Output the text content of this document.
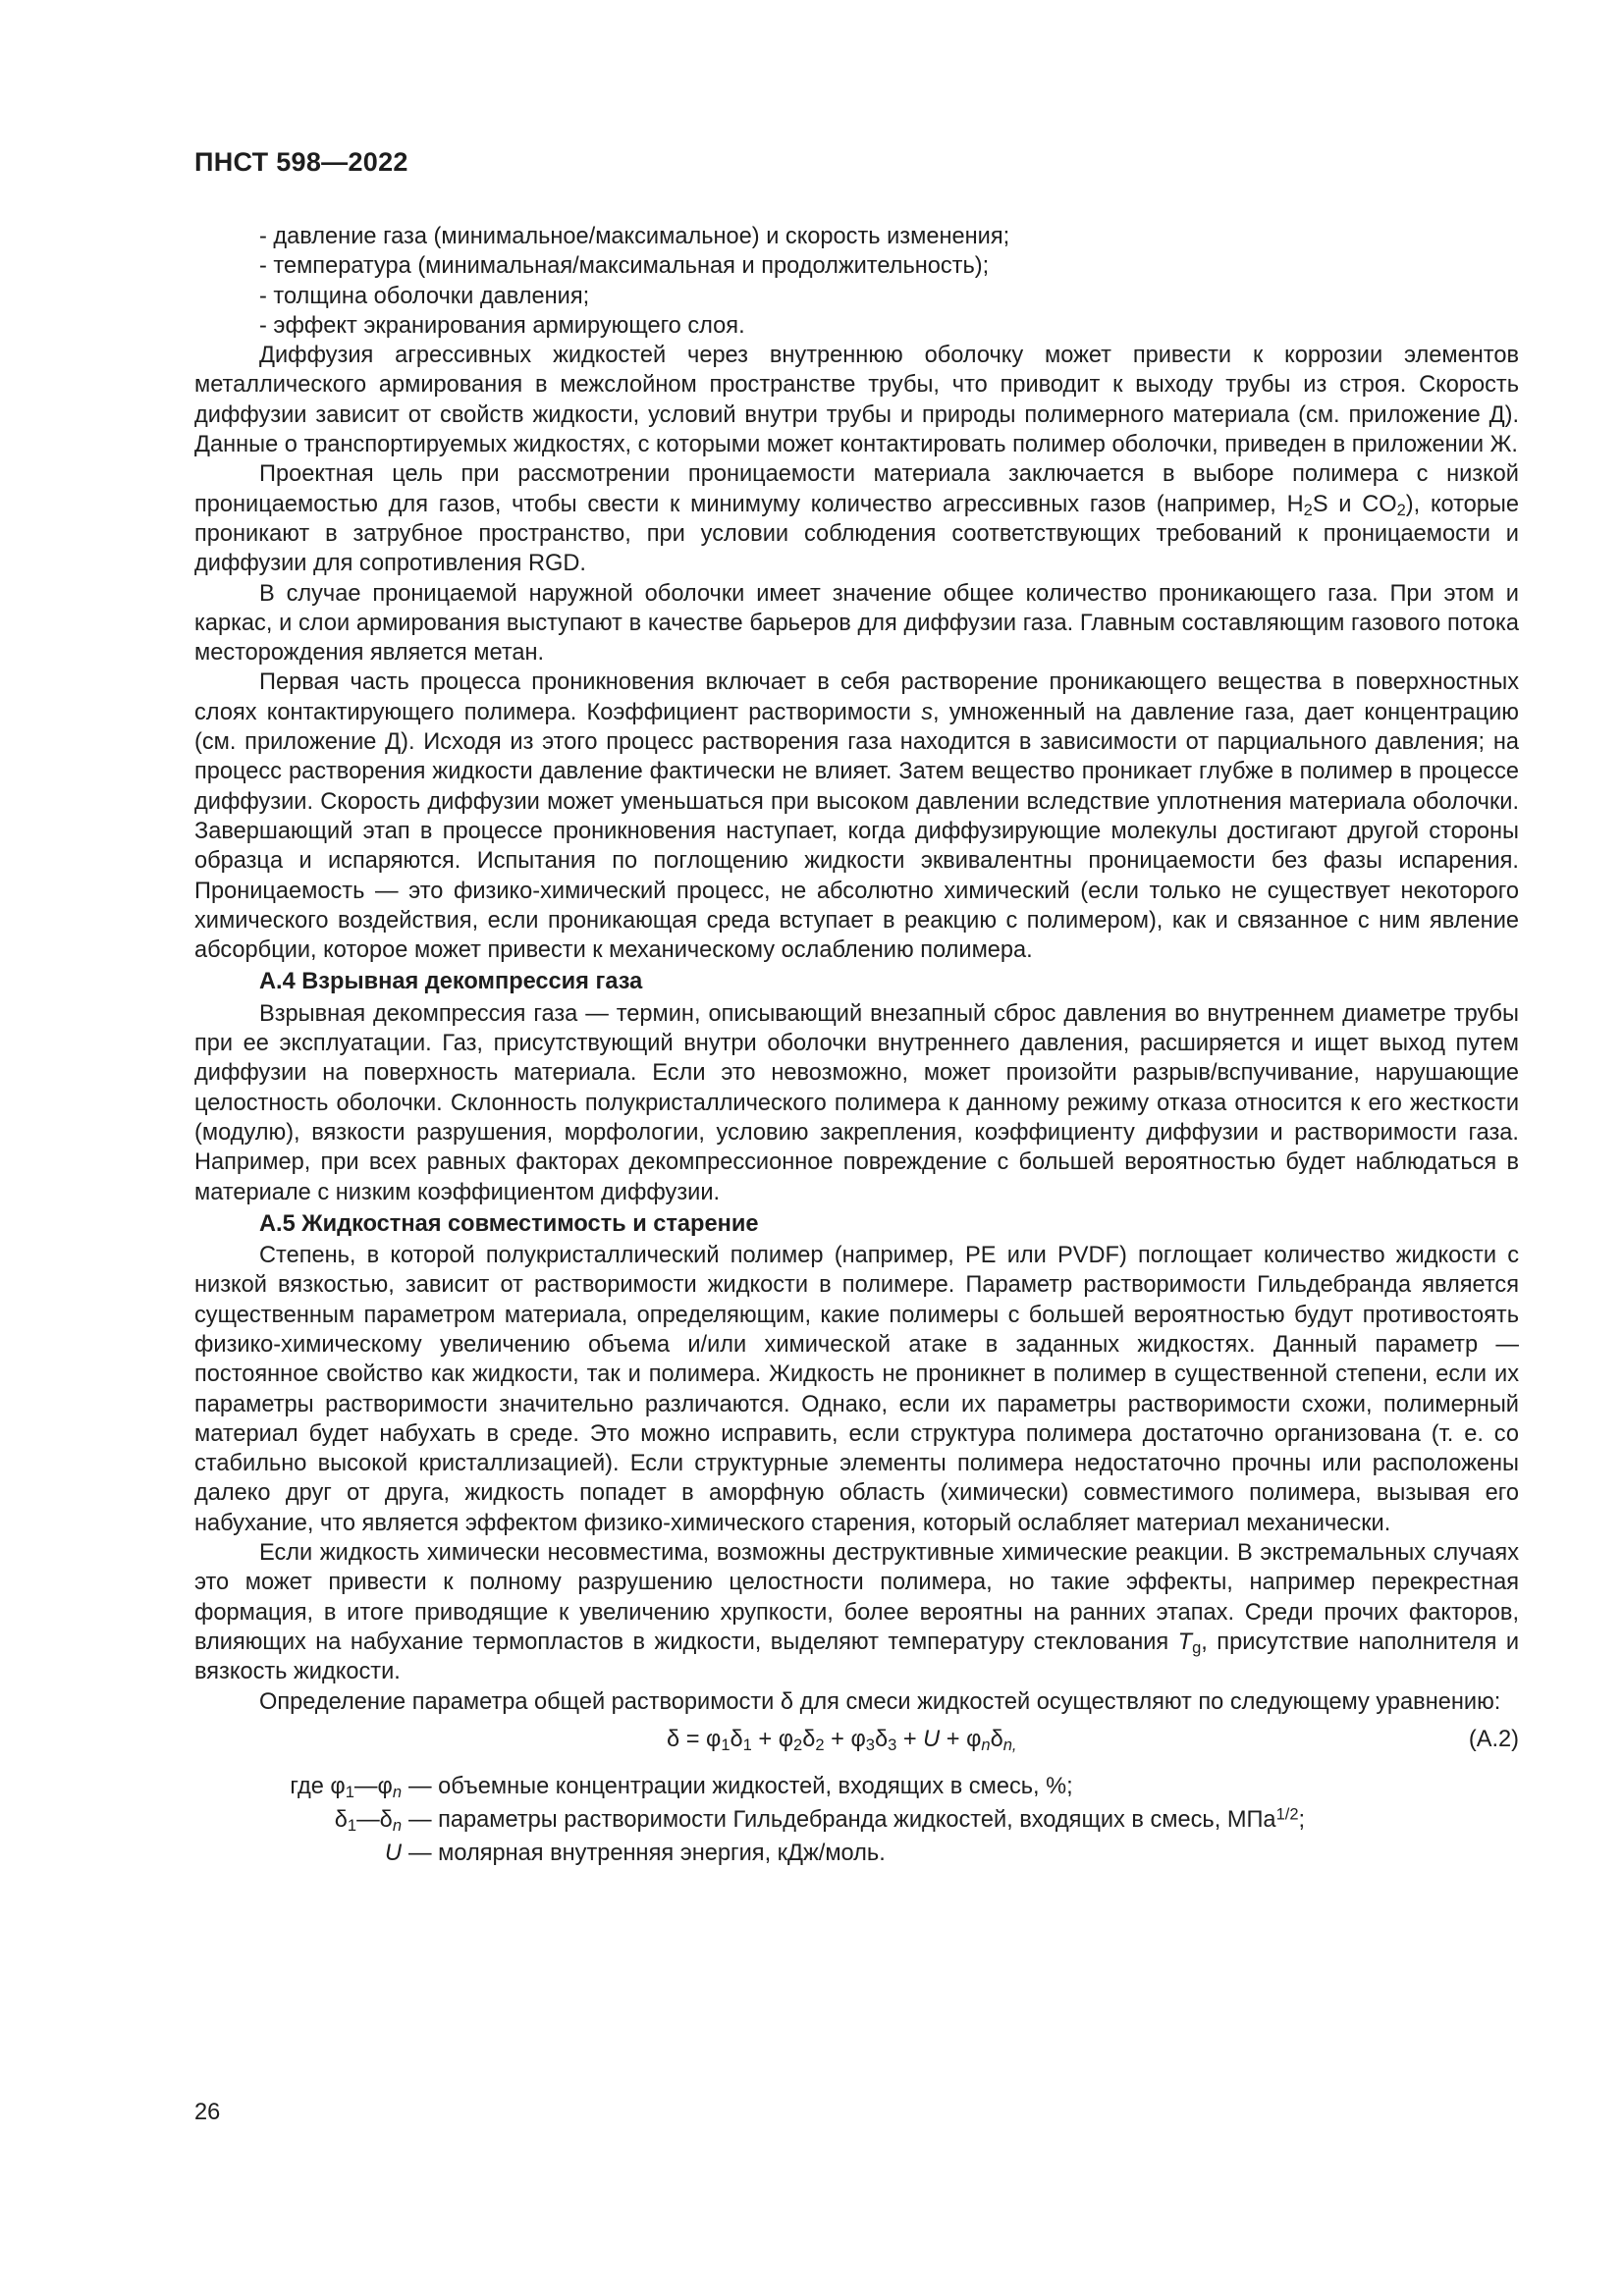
ПНСТ 598—2022
- давление газа (минимальное/максимальное) и скорость изменения;
- температура (минимальная/максимальная и продолжительность);
- толщина оболочки давления;
- эффект экранирования армирующего слоя.

Диффузия агрессивных жидкостей через внутреннюю оболочку может привести к коррозии элементов металлического армирования в межслойном пространстве трубы, что приводит к выходу трубы из строя. Скорость диффузии зависит от свойств жидкости, условий внутри трубы и природы полимерного материала (см. приложение Д). Данные о транспортируемых жидкостях, с которыми может контактировать полимер оболочки, приведен в приложении Ж.

Проектная цель при рассмотрении проницаемости материала заключается в выборе полимера с низкой проницаемостью для газов, чтобы свести к минимуму количество агрессивных газов (например, $H_2S$ и $CO_2$), которые проникают в затрубное пространство, при условии соблюдения соответствующих требований к проницаемости и диффузии для сопротивления RGD.

В случае проницаемой наружной оболочки имеет значение общее количество проникающего газа. При этом и каркас, и слои армирования выступают в качестве барьеров для диффузии газа. Главным составляющим газового потока месторождения является метан.

Первая часть процесса проникновения включает в себя растворение проникающего вещества в поверхностных слоях контактирующего полимера. Коэффициент растворимости s, умноженный на давление газа, дает концентрацию (см. приложение Д). Исходя из этого процесс растворения газа находится в зависимости от парциального давления; на процесс растворения жидкости давление фактически не влияет. Затем вещество проникает глубже в полимер в процессе диффузии. Скорость диффузии может уменьшаться при высоком давлении вследствие уплотнения материала оболочки. Завершающий этап в процессе проникновения наступает, когда диффузирующие молекулы достигают другой стороны образца и испаряются. Испытания по поглощению жидкости эквивалентны проницаемости без фазы испарения. Проницаемость — это физико-химический процесс, не абсолютно химический (если только не существует некоторого химического воздействия, если проникающая среда вступает в реакцию с полимером), как и связанное с ним явление абсорбции, которое может привести к механическому ослаблению полимера.

А.4 Взрывная декомпрессия газа

Взрывная декомпрессия газа — термин, описывающий внезапный сброс давления во внутреннем диаметре трубы при ее эксплуатации. Газ, присутствующий внутри оболочки внутреннего давления, расширяется и ищет выход путем диффузии на поверхность материала. Если это невозможно, может произойти разрыв/вспучивание, нарушающие целостность оболочки. Склонность полукристаллического полимера к данному режиму отказа относится к его жесткости (модулю), вязкости разрушения, морфологии, условию закрепления, коэффициенту диффузии и растворимости газа. Например, при всех равных факторах декомпрессионное повреждение с большей вероятностью будет наблюдаться в материале с низким коэффициентом диффузии.

А.5 Жидкостная совместимость и старение

Степень, в которой полукристаллический полимер (например, PE или PVDF) поглощает количество жидкости с низкой вязкостью, зависит от растворимости жидкости в полимере. Параметр растворимости Гильдебранда является существенным параметром материала, определяющим, какие полимеры с большей вероятностью будут противостоять физико-химическому увеличению объема и/или химической атаке в заданных жидкостях. Данный параметр — постоянное свойство как жидкости, так и полимера. Жидкость не проникнет в полимер в существенной степени, если их параметры растворимости значительно различаются. Однако, если их параметры растворимости схожи, полимерный материал будет набухать в среде. Это можно исправить, если структура полимера достаточно организована (т. е. со стабильно высокой кристаллизацией). Если структурные элементы полимера недостаточно прочны или расположены далеко друг от друга, жидкость попадет в аморфную область (химически) совместимого полимера, вызывая его набухание, что является эффектом физико-химического старения, который ослабляет материал механически.

Если жидкость химически несовместима, возможны деструктивные химические реакции. В экстремальных случаях это может привести к полному разрушению целостности полимера, но такие эффекты, например перекрестная формация, в итоге приводящие к увеличению хрупкости, более вероятны на ранних этапах. Среди прочих факторов, влияющих на набухание термопластов в жидкости, выделяют температуру стеклования $T_g$, присутствие наполнителя и вязкость жидкости.

Определение параметра общей растворимости δ для смеси жидкостей осуществляют по следующему уравнению:

$\delta = \varphi_1\delta_1 + \varphi_2\delta_2 + \varphi_3\delta_3 + U + \varphi_n\delta_{n,}$	(А.2)
где $\varphi_1—\varphi_n$ — объемные концентрации жидкостей, входящих в смесь, %;
$\delta_1—\delta_n$ — параметры растворимости Гильдебранда жидкостей, входящих в смесь, МПа$^{1/2}$;
U — молярная внутренняя энергия, кДж/моль.
26
